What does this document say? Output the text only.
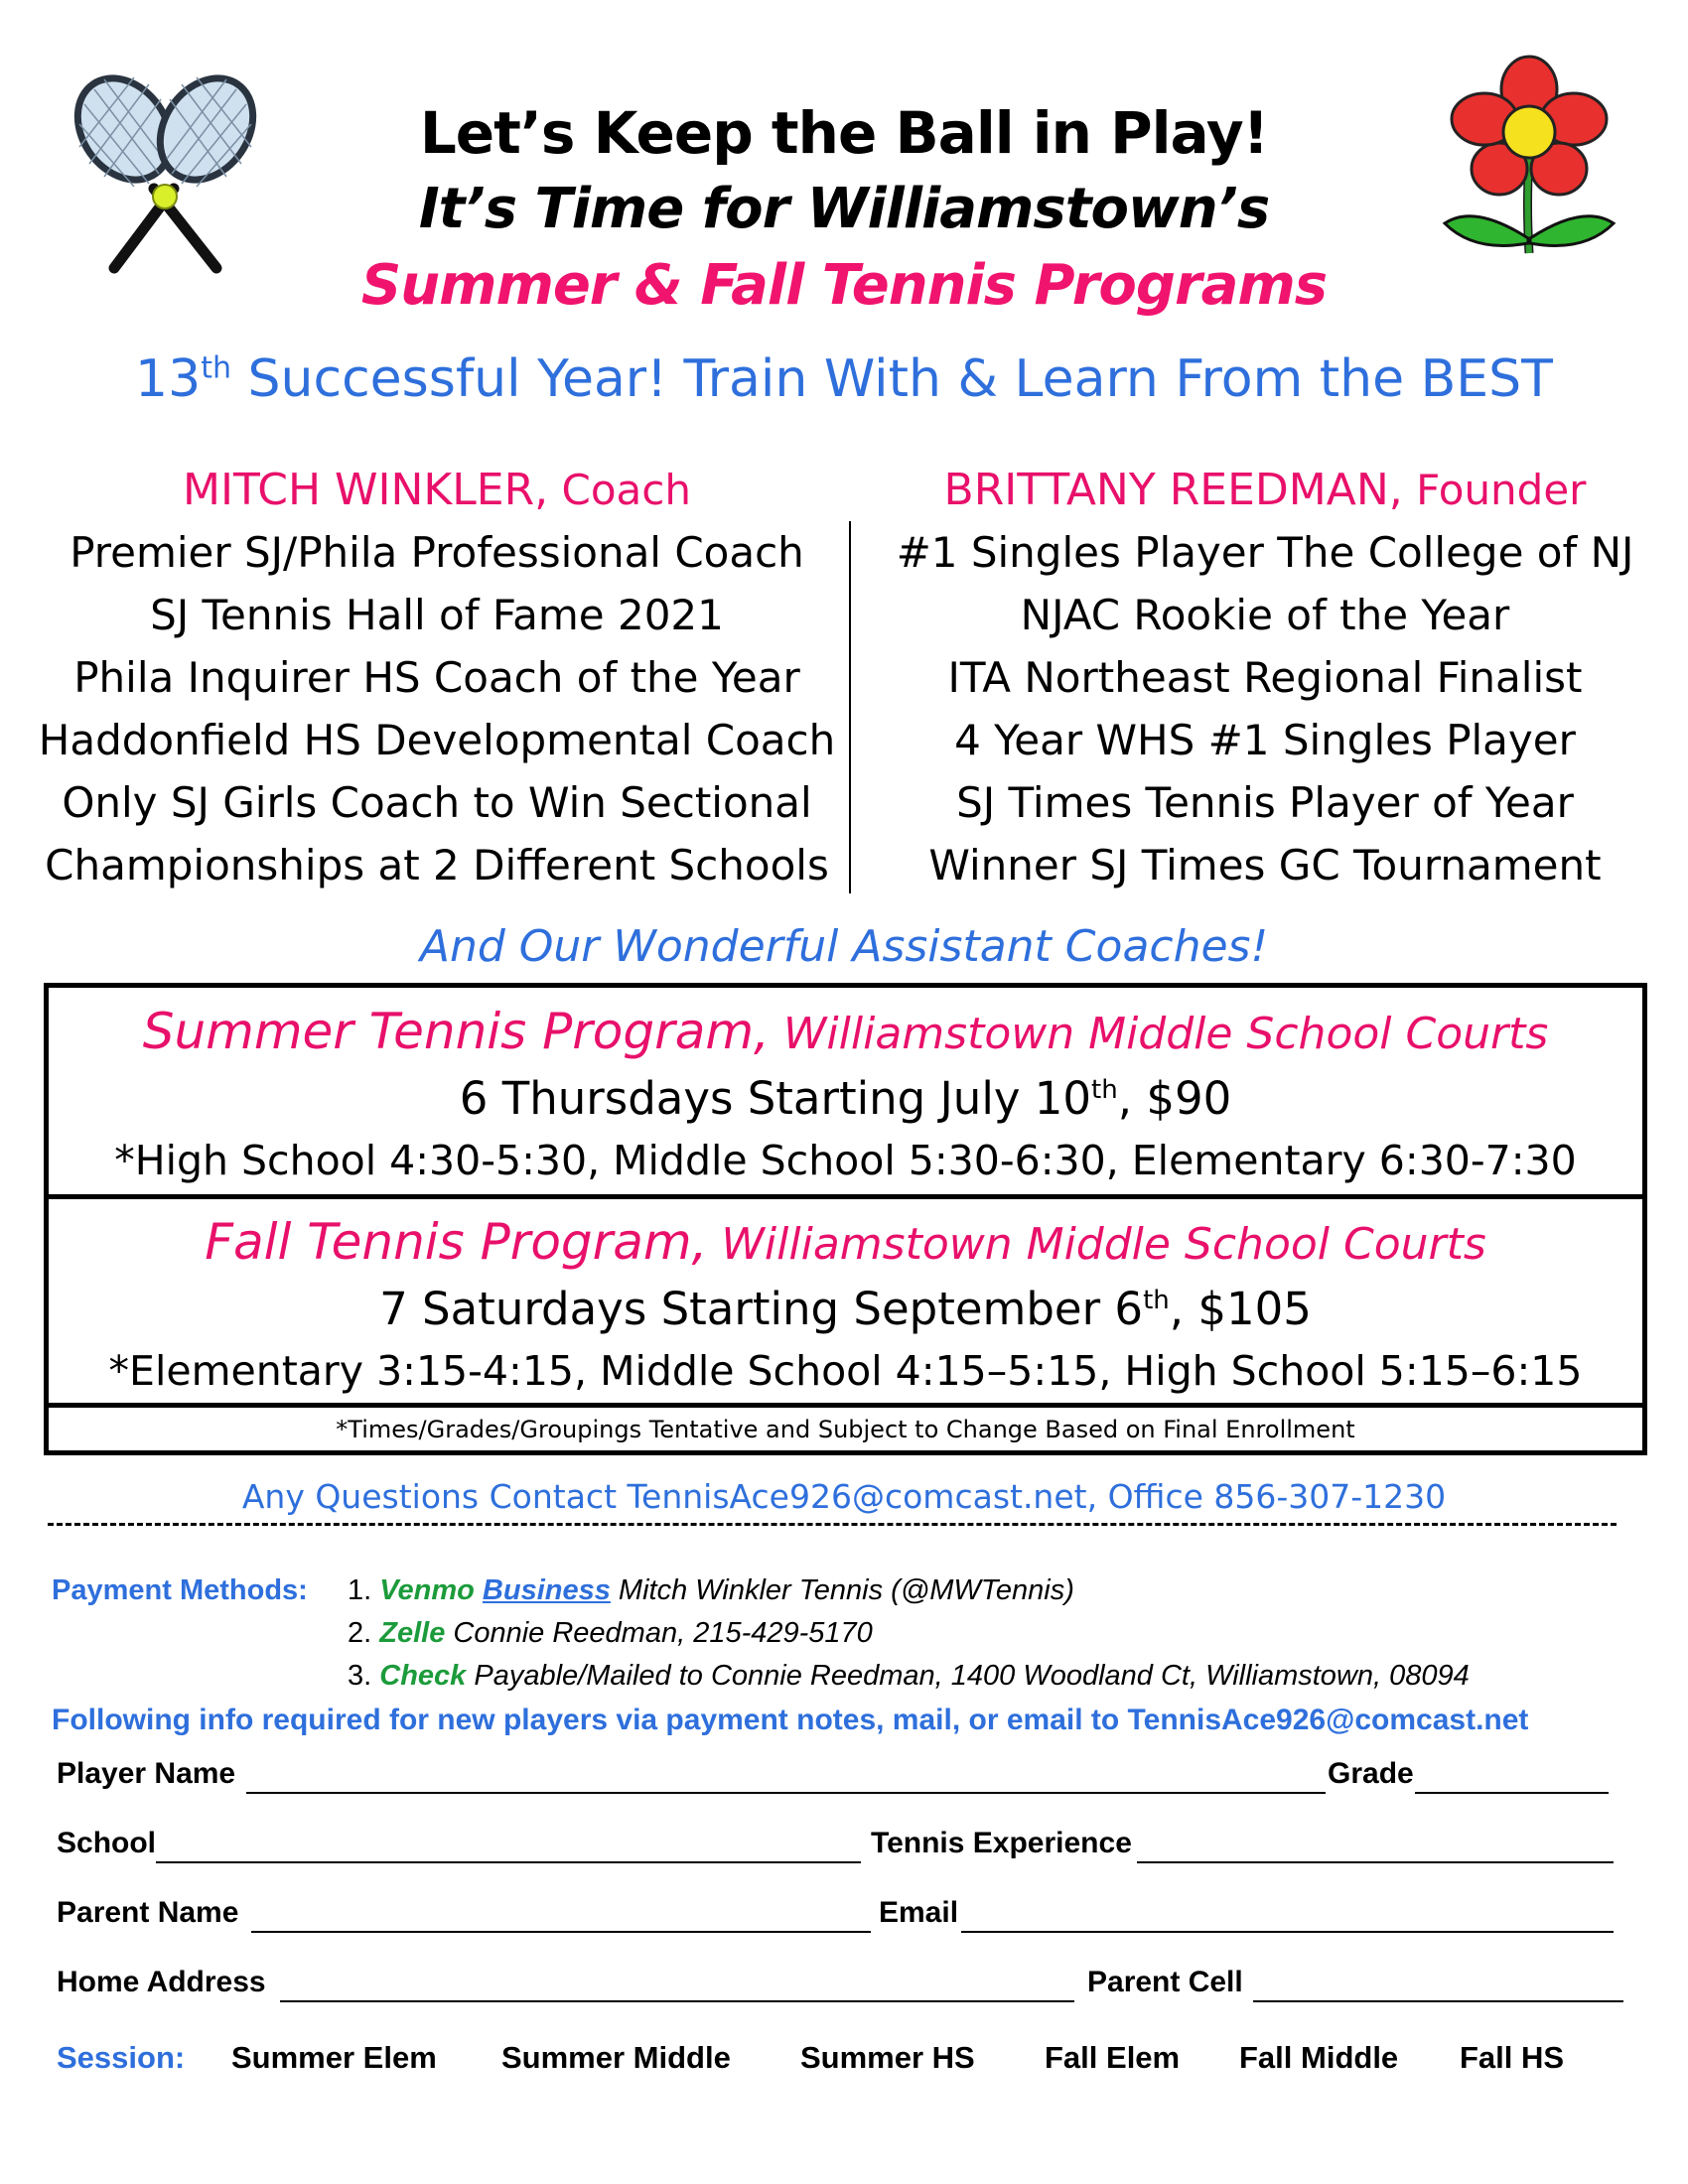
Let’s Keep the Ball in Play!
It’s Time for Williamstown’s
Summer & Fall Tennis Programs
13th Successful Year! Train With & Learn From the BEST
MITCH WINKLER, Coach
Premier SJ/Phila Professional Coach
SJ Tennis Hall of Fame 2021
Phila Inquirer HS Coach of the Year
Haddonfield HS Developmental Coach
Only SJ Girls Coach to Win Sectional
Championships at 2 Different Schools
BRITTANY REEDMAN, Founder
#1 Singles Player The College of NJ
NJAC Rookie of the Year
ITA Northeast Regional Finalist
4 Year WHS #1 Singles Player
SJ Times Tennis Player of Year
Winner SJ Times GC Tournament
And Our Wonderful Assistant Coaches!
Summer Tennis Program, Williamstown Middle School Courts
6 Thursdays Starting July 10th, $90
*High School 4:30-5:30, Middle School 5:30-6:30, Elementary 6:30-7:30
Fall Tennis Program, Williamstown Middle School Courts
7 Saturdays Starting September 6th, $105
*Elementary 3:15-4:15, Middle School 4:15–5:15, High School 5:15–6:15
*Times/Grades/Groupings Tentative and Subject to Change Based on Final Enrollment
Any Questions Contact TennisAce926@comcast.net, Office 856-307-1230
Payment Methods: 1. Venmo Business Mitch Winkler Tennis (@MWTennis)
2. Zelle Connie Reedman, 215-429-5170
3. Check Payable/Mailed to Connie Reedman, 1400 Woodland Ct, Williamstown, 08094
Following info required for new players via payment notes, mail, or email to TennisAce926@comcast.net
Player Name	Grade
School	Tennis Experience
Parent Name	Email
Home Address	Parent Cell
Session: Summer Elem Summer Middle Summer HS Fall Elem Fall Middle Fall HS
